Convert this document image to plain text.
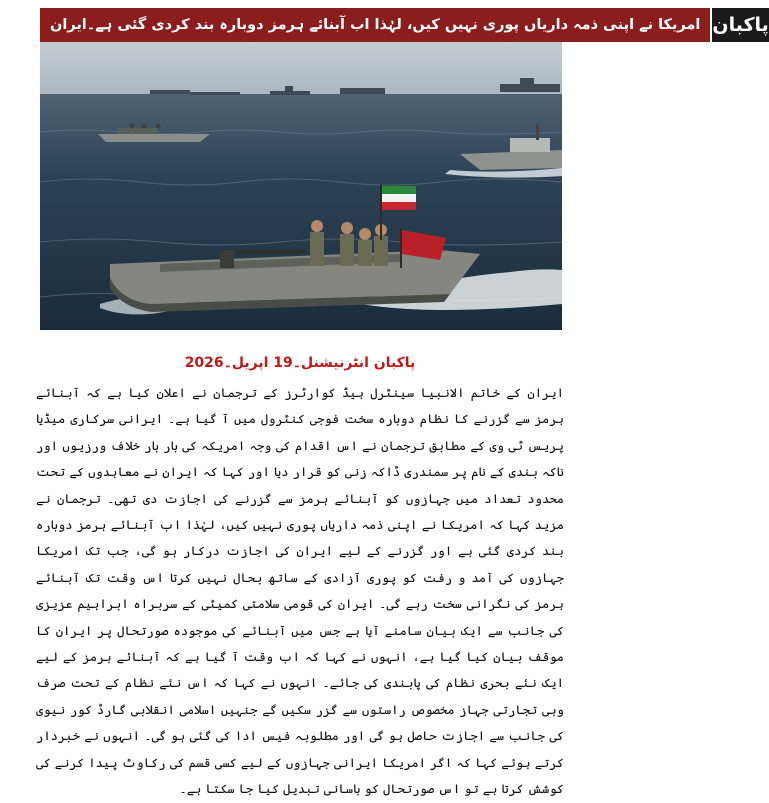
امریکا نے اپنی ذمہ داریاں پوری نہیں کیں، لہٰذا اب آبنائے ہرمز دوبارہ بند کردی گئی ہے۔ایران پاکبان
پاکبان انٹرنیشنل۔19 اپریل۔2026

ایران کے خاتم الانبیا سینٹرل ہیڈ کوارٹرز کے ترجمان نے اعلان کیا ہے کہ آبنائے ہرمز سے گزرنے کا نظام دوبارہ سخت فوجی کنٹرول میں آ گیا ہے۔ ایرانی سرکاری میڈیا پریس ٹی وی کے مطابق ترجمان نے اس اقدام کی وجہ امریکہ کی بار بار خلاف ورزیوں اور ناکہ بندی کے نام پر سمندری ڈاکہ زنی کو قرار دیا اور کہا کہ ایران نے معاہدوں کے تحت محدود تعداد میں جہازوں کو آبنائے ہرمز سے گزرنے کی اجازت دی تھی۔ ترجمان نے مزید کہا کہ امریکا نے اپنی ذمہ داریاں پوری نہیں کیں، لہٰذا اب آبنائے ہرمز دوبارہ بند کردی گئی ہے اور گزرنے کے لیے ایران کی اجازت درکار ہو گی، جب تک امریکا جہازوں کی آمد و رفت کو پوری آزادی کے ساتھ بحال نہیں کرتا اس وقت تک آبنائے ہرمز کی نگرانی سخت رہے گی۔ ایران کی قومی سلامتی کمیٹی کے سربراہ ابراہیم عزیزی کی جانب سے ایک بیان سامنے آیا ہے جس میں آبنائے کی موجودہ صورتحال پر ایران کا موقف بیان کیا گیا ہے، انہوں نے کہا کہ اب وقت آ گیا ہے کہ آبنائے ہرمز کے لیے ایک نئے بحری نظام کی پابندی کی جائے۔ انہوں نے کہا کہ اس نئے نظام کے تحت صرف وہی تجارتی جہاز مخصوص راستوں سے گزر سکیں گے جنہیں اسلامی انقلابی گارڈ کور نیوی کی جانب سے اجازت حاصل ہو گی اور مطلوبہ فیس ادا کی گئی ہو گی۔ انہوں نے خبردار کرتے ہوئے کہا کہ اگر امریکا ایرانی جہازوں کے لیے کسی قسم کی رکاوٹ پیدا کرنے کی کوشش کرتا ہے تو اس صورتحال کو باسانی تبدیل کیا جا سکتا ہے۔
